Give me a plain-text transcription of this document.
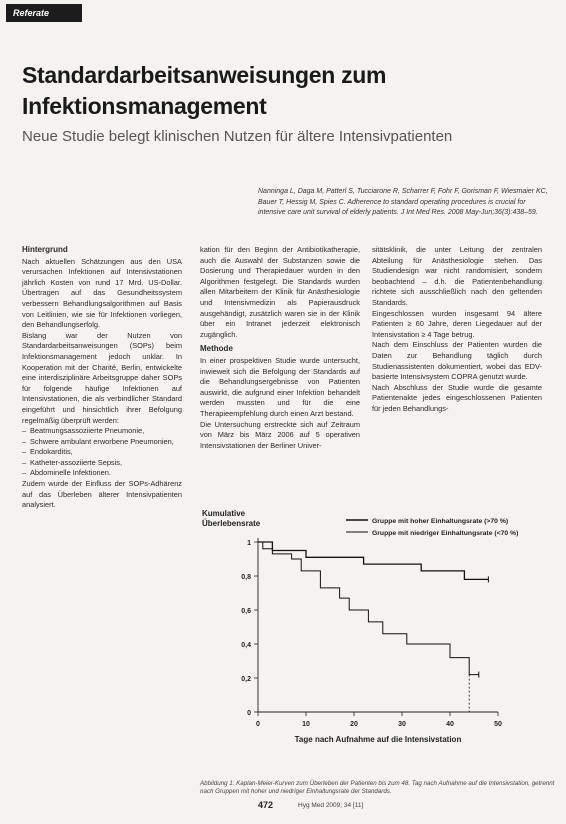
Referate
Standardarbeitsanweisungen zum Infektionsmanagement
Neue Studie belegt klinischen Nutzen für ältere Intensivpatienten
Nanninga L, Daga M, Patterl S, Tucciarone R, Scharrer F, Fohr F, Gorisman F, Wiesmaier KC, Bauer T, Hessig M, Spies C. Adherence to standard operating procedures is crucial for intensive care unit survival of elderly patients. J Int Med Res. 2008 May-Jun;36(3):438–59.

Hintergrund

Nach aktuellen Schätzungen aus den USA verursachen Infektionen auf Intensivstationen jährlich Kosten von rund 17 Mrd. US-Dollar. Übertragen auf das Gesundheitssystem verbessern Behandlungsalgorithmen auf Basis von Leitlinien, wie sie für Infektionen vorliegen, den Behandlungserfolg.

Bislang war der Nutzen von Standardarbeitsanweisungen (SOPs) beim Infektionsmanagement jedoch unklar. In Kooperation mit der Charité, Berlin, entwickelte eine interdisziplinäre Arbeitsgruppe daher SOPs für folgende häufige Infektionen auf Intensivstationen, die als verbindlicher Standard eingeführt und hinsichtlich ihrer Befolgung regelmäßig überprüft werden:

– Beatmungsassoziierte Pneumonie,
– Schwere ambulant erworbene Pneumonien,
– Endokarditis,
– Katheter-assoziierte Sepsis,
– Abdominelle Infektionen.

Zudem wurde der Einfluss der SOPs-Adhärenz auf das Überleben älterer Intensivpatienten analysiert.

kation für den Beginn der Antibiotikatherapie, auch die Auswahl der Substanzen sowie die Dosierung und Therapiedauer wurden in den Algorithmen festgelegt. Die Standards wurden allen Mitarbeitern der Klinik für Anästhesiologie und Intensivmedizin als Papierausdruck ausgehändigt, zusätzlich waren sie in der Klinik über ein Intranet jederzeit elektronisch zugänglich.

Methode

In einer prospektiven Studie wurde untersucht, inwieweit sich die Befolgung der Standards auf die Behandlungsergebnisse von Patienten auswirkt, die aufgrund einer Infektion behandelt werden mussten und für die eine Therapieempfehlung durch einen Arzt bestand.

Die Untersuchung erstreckte sich auf Zeitraum von März bis März 2006 auf 5 operativen Intensivstationen der Berliner Univer-

sitätsklinik, die unter Leitung der zentralen Abteilung für Anästhesiologie stehen. Das Studiendesign war nicht randomisiert, sondern beobachtend – d.h. die Patientenbehandlung richtete sich ausschließlich nach den geltenden Standards.

Eingeschlossen wurden insgesamt 94 ältere Patienten ≥ 60 Jahre, deren Liegedauer auf der Intensivstation ≥ 4 Tage betrug.

Nach dem Einschluss der Patienten wurden die Daten zur Behandlung täglich durch Studienassistenten dokumentiert, wobei das EDV-basierte Intensivsystem COPRA genutzt wurde.

Nach Abschluss der Studie wurde die gesamte Patientenakte jedes eingeschlossenen Patienten für jeden Behandlungs-

Kumulative
Überlebensrate
0
0,2
0,4
0,6
0,8
1
0	10	20	30	40	50
Tage nach Aufnahme auf die Intensivstation
Gruppe mit hoher Einhaltungsrate (>70 %)
Gruppe mit niedriger Einhaltungsrate (<70 %)
Abbildung 1: Kaplan-Meier-Kurven zum Überleben der Patienten bis zum 48. Tag nach Aufnahme auf die Intensivstation, getrennt nach Gruppen mit hoher und niedriger Einhaltungsrate der Standards.
472	Hyg Med 2009; 34 [11]
